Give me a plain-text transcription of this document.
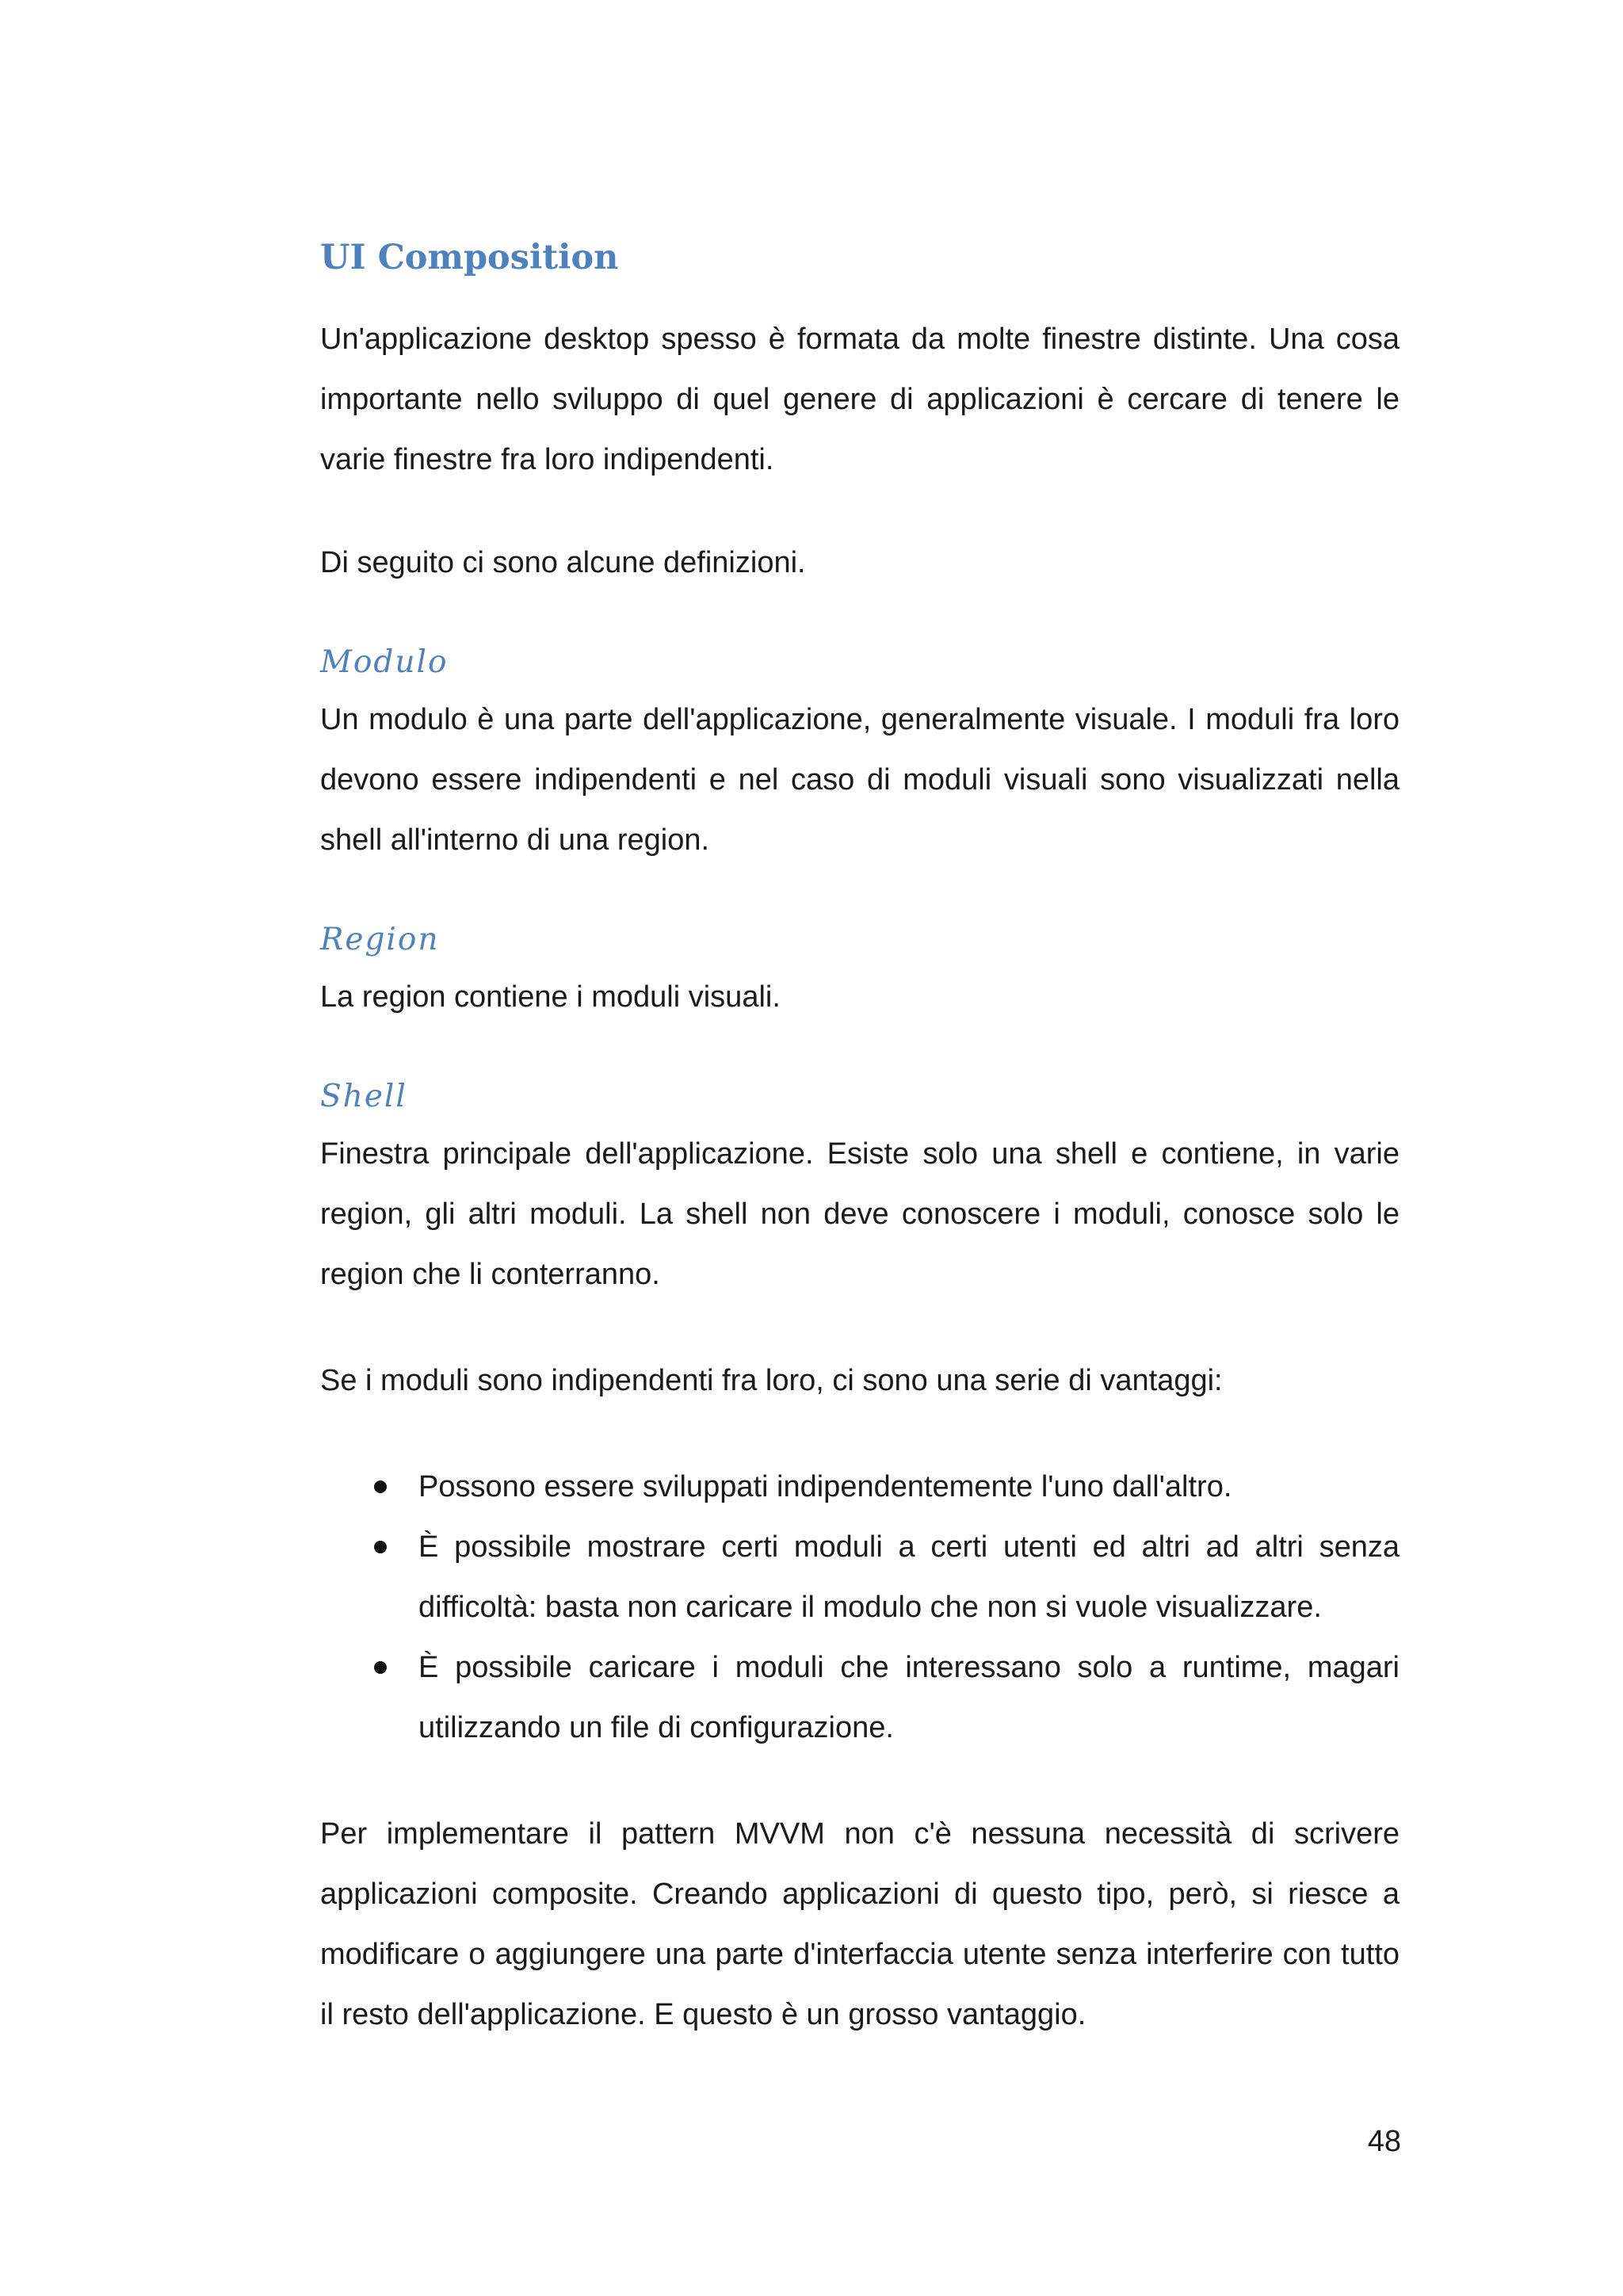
UI Composition

Un'applicazione desktop spesso è formata da molte finestre distinte. Una cosa importante nello sviluppo di quel genere di applicazioni è cercare di tenere le varie finestre fra loro indipendenti.

Di seguito ci sono alcune definizioni.

Modulo

Un modulo è una parte dell'applicazione, generalmente visuale. I moduli fra loro devono essere indipendenti e nel caso di moduli visuali sono visualizzati nella shell all'interno di una region.

Region

La region contiene i moduli visuali.

Shell

Finestra principale dell'applicazione. Esiste solo una shell e contiene, in varie region, gli altri moduli. La shell non deve conoscere i moduli, conosce solo le region che li conterranno.

Se i moduli sono indipendenti fra loro, ci sono una serie di vantaggi:

Possono essere sviluppati indipendentemente l'uno dall'altro.
È possibile mostrare certi moduli a certi utenti ed altri ad altri senza difficoltà: basta non caricare il modulo che non si vuole visualizzare.
È possibile caricare i moduli che interessano solo a runtime, magari utilizzando un file di configurazione.

Per implementare il pattern MVVM non c'è nessuna necessità di scrivere applicazioni composite. Creando applicazioni di questo tipo, però, si riesce a modificare o aggiungere una parte d'interfaccia utente senza interferire con tutto il resto dell'applicazione. E questo è un grosso vantaggio.

48
